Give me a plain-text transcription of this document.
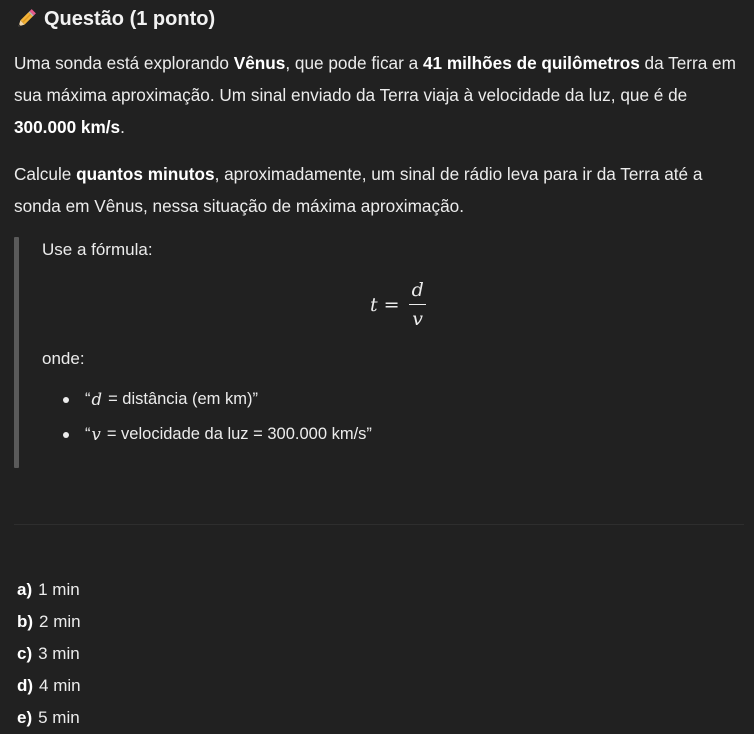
Questão (1 ponto)
Uma sonda está explorando Vênus, que pode ficar a 41 milhões de quilômetros da Terra em sua máxima aproximação. Um sinal enviado da Terra viaja à velocidade da luz, que é de 300.000 km/s.
Calcule quantos minutos, aproximadamente, um sinal de rádio leva para ir da Terra até a sonda em Vênus, nessa situação de máxima aproximação.
Use a fórmula:
$t = \frac{d}{v}$
onde:
“ d = distância (em km)”
“ v = velocidade da luz = 300.000 km/s”
a) 1 min
b) 2 min
c) 3 min
d) 4 min
e) 5 min
